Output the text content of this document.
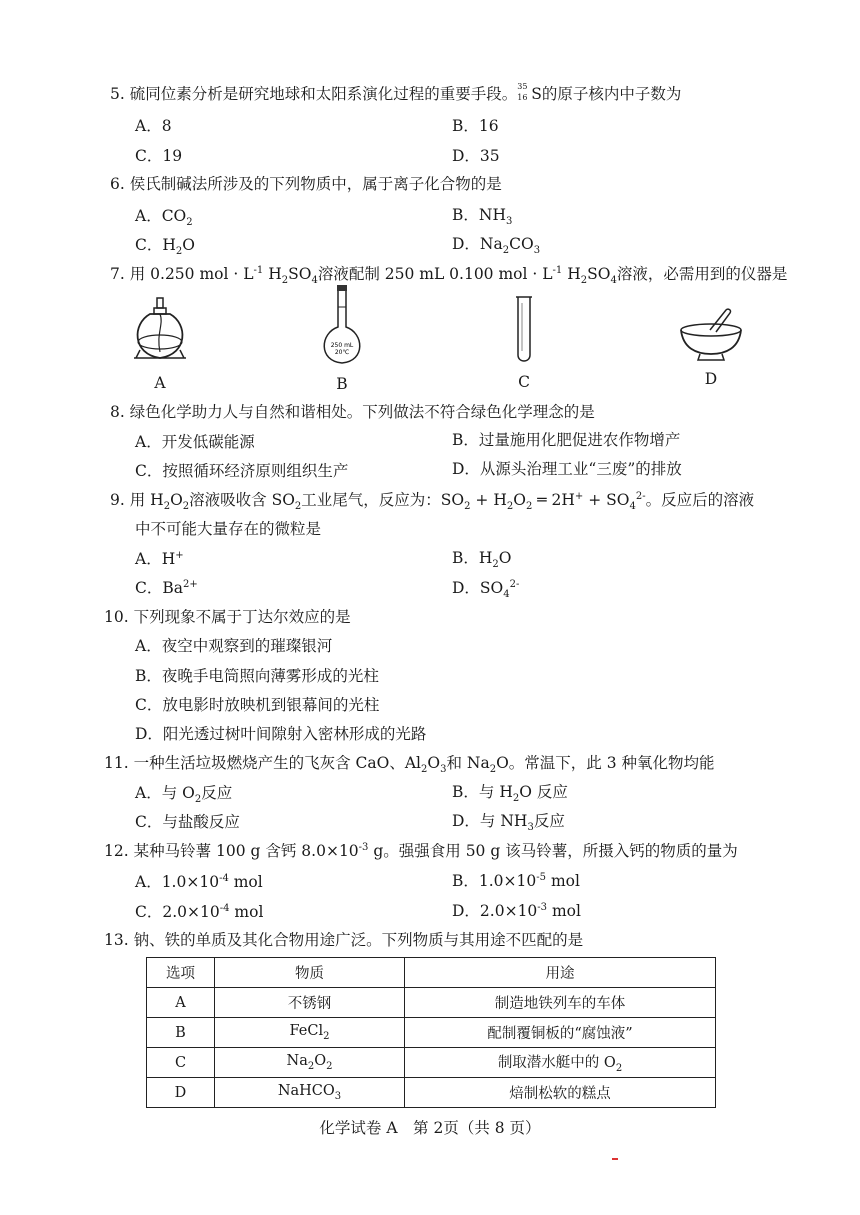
5. 硫同位素分析是研究地球和太阳系演化过程的重要手段。 35
16 S的原子核内中子数为
A．8	B．16
C．19	D．35
6. 侯氏制碱法所涉及的下列物质中，属于离子化合物的是
A．$CO_2$	B．$NH_3$
C．$H_2O$	D．$Na_2CO_3$
7. 用 0.250 mol · $L^{-1}$ $H_2SO_4$溶液配制 250 mL 0.100 mol · $L^{-1}$ $H_2SO_4$溶液，必需用到的仪器是
A
250 mL
20℃
B	C	D
8. 绿色化学助力人与自然和谐相处。下列做法不符合绿色化学理念的是
A．开发低碳能源	B．过量施用化肥促进农作物增产
C．按照循环经济原则组织生产	D．从源头治理工业“三废”的排放
9. 用 $H_2O_2$溶液吸收含 $SO_2$工业尾气，反应为：$SO_2 + H_2O_2$ ═ $2H^+ + SO_4^{2-}$。反应后的溶液
中不可能大量存在的微粒是
A．H+	B．$H_2O$
C．$Ba^{2+}$	D．$SO_4^{2-}$
10. 下列现象不属于丁达尔效应的是
A．夜空中观察到的璀璨银河
B．夜晚手电筒照向薄雾形成的光柱
C．放电影时放映机到银幕间的光柱
D．阳光透过树叶间隙射入密林形成的光路
11. 一种生活垃圾燃烧产生的飞灰含 CaO、$Al_2O_3$和 $Na_2O$。常温下，此 3 种氧化物均能
A．与 $O_2$反应	B．与 $H_2O$ 反应
C．与盐酸反应	D．与 $NH_3$反应
12. 某种马铃薯 100 g 含钙 $8.0\times 10^{-3}$ g。强强食用 50 g 该马铃薯，所摄入钙的物质的量为
A．$1.0\times 10^{-4}$ mol	B．$1.0\times 10^{-5}$ mol
C．$2.0\times 10^{-4}$ mol	D．$2.0\times 10^{-3}$ mol
13. 钠、铁的单质及其化合物用途广泛。下列物质与其用途不匹配的是
选项	物质	用途
A	不锈钢	制造地铁列车的车体
B	FeCl$_2$	配制覆铜板的“腐蚀液”
C	$Na_2O_2$	制取潜水艇中的 $O_2$
D	NaHCO$_3$	焙制松软的糕点
化学试卷 A　第 2页（共 8 页）
